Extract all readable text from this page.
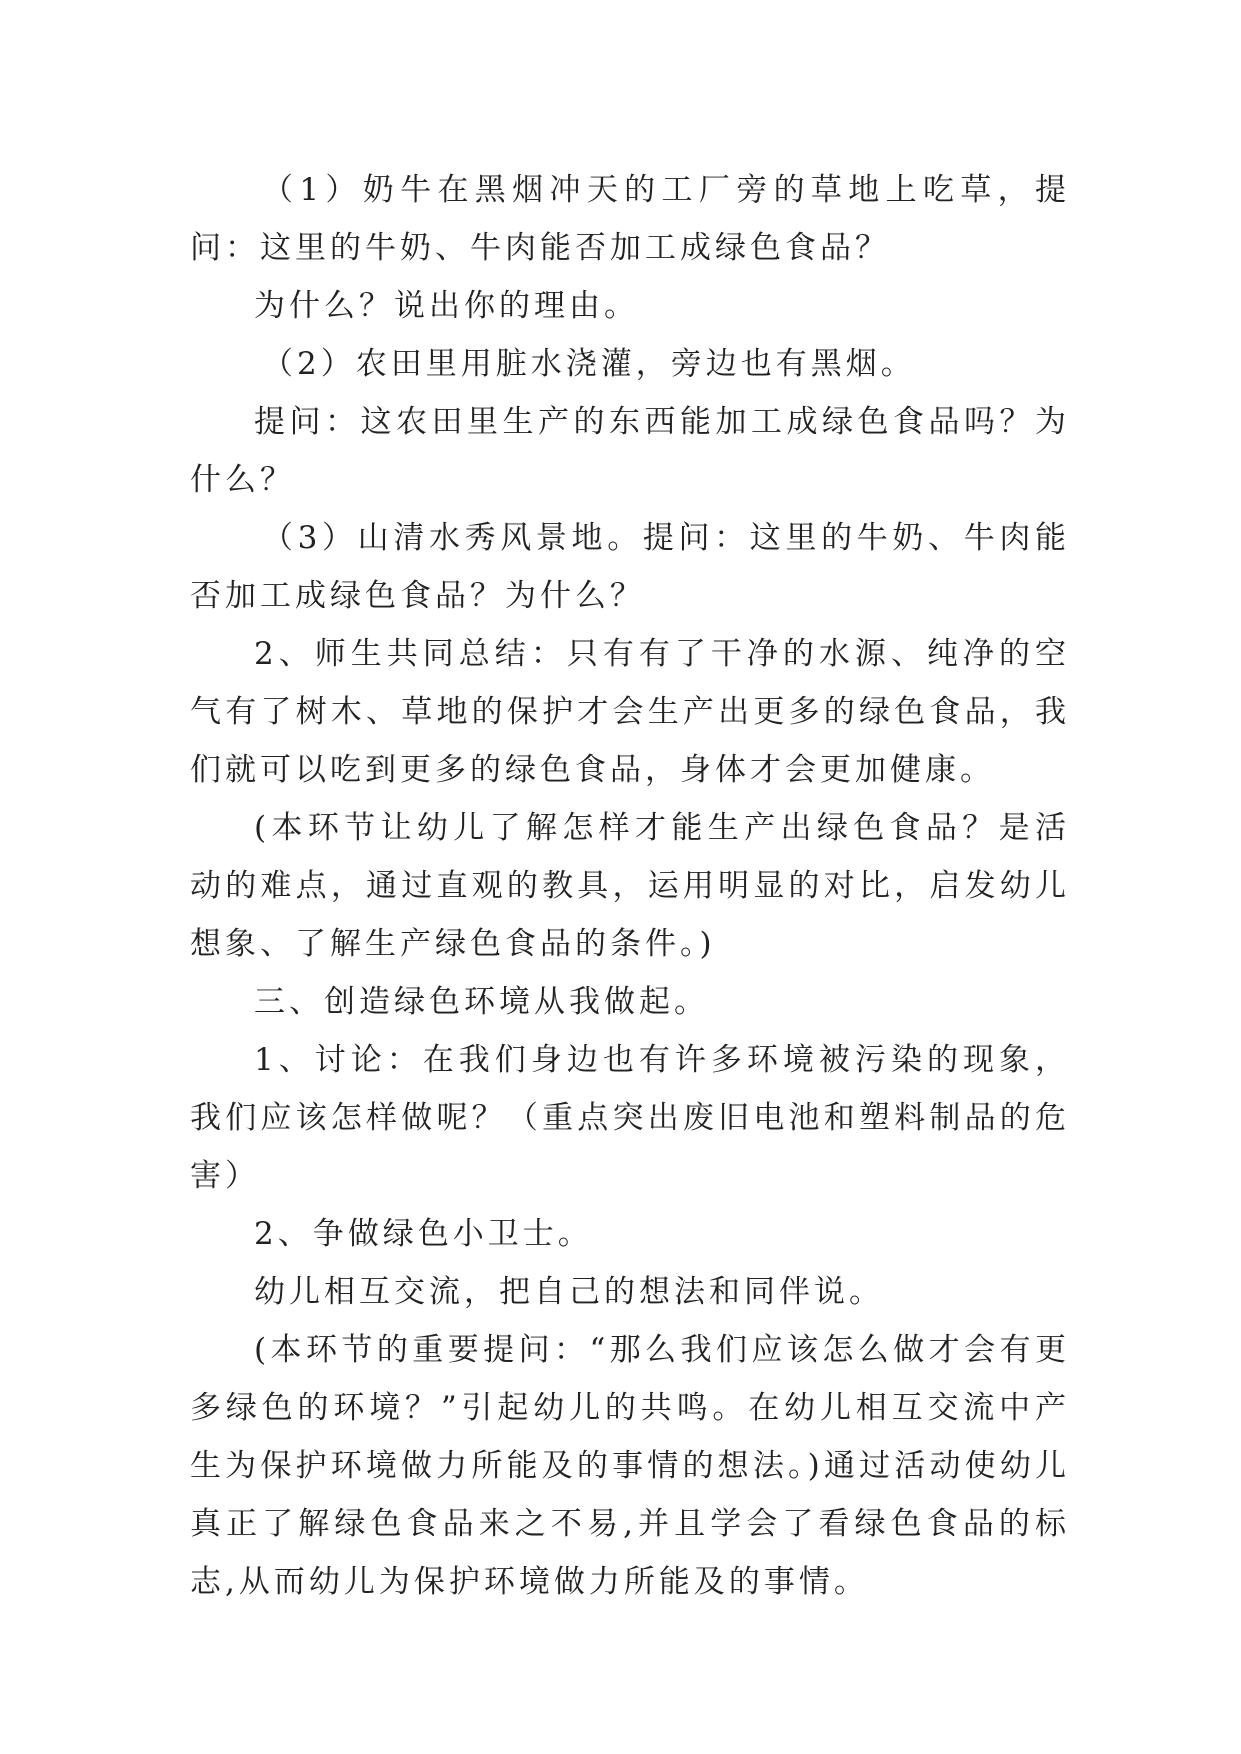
（1）奶牛在黑烟冲天的工厂旁的草地上吃草，提问：这里的牛奶、牛肉能否加工成绿色食品？

为什么？说出你的理由。

（2）农田里用脏水浇灌，旁边也有黑烟。

提问：这农田里生产的东西能加工成绿色食品吗？为什么？

（3）山清水秀风景地。提问：这里的牛奶、牛肉能否加工成绿色食品？为什么？

2、师生共同总结：只有有了干净的水源、纯净的空气有了树木、草地的保护才会生产出更多的绿色食品，我们就可以吃到更多的绿色食品，身体才会更加健康。

(本环节让幼儿了解怎样才能生产出绿色食品？是活动的难点，通过直观的教具，运用明显的对比，启发幼儿想象、了解生产绿色食品的条件。)

三、创造绿色环境从我做起。

1、讨论：在我们身边也有许多环境被污染的现象，我们应该怎样做呢？（重点突出废旧电池和塑料制品的危害）

2、争做绿色小卫士。

幼儿相互交流，把自己的想法和同伴说。

(本环节的重要提问：“那么我们应该怎么做才会有更多绿色的环境？”引起幼儿的共鸣。在幼儿相互交流中产生为保护环境做力所能及的事情的想法。)通过活动使幼儿真正了解绿色食品来之不易,并且学会了看绿色食品的标志,从而幼儿为保护环境做力所能及的事情。
